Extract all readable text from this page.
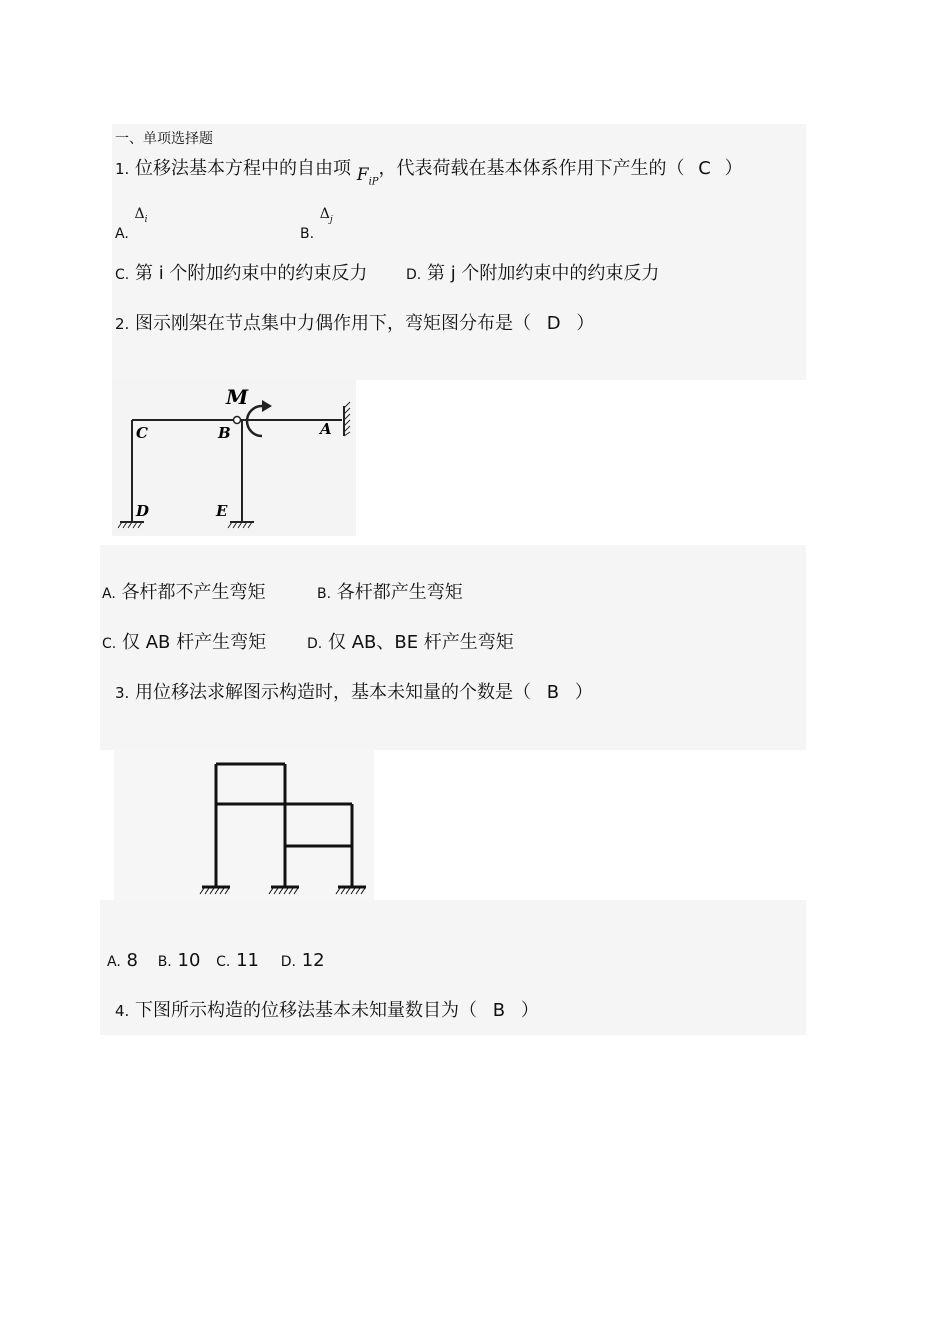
一、单项选择题
1. 位移法基本方程中的自由项 $F_{iP}$，代表荷载在基本体系作用下产生的（ C ）
$_{A.}$ $^{\Delta_i}$
$_{B.}$ $^{\Delta_j}$
C. 第 i 个附加约束中的约束反力	D. 第 j 个附加约束中的约束反力
2. 图示刚架在节点集中力偶作用下，弯矩图分布是（ D ）
M
C	B	A
D	E
A. 各杆都不产生弯矩	B. 各杆都产生弯矩
C. 仅 AB 杆产生弯矩	D. 仅 AB、BE 杆产生弯矩
3. 用位移法求解图示构造时，基本未知量的个数是（ B ）
A. 8 B. 10 C. 11 D. 12
4. 下图所示构造的位移法基本未知量数目为（ B ）
